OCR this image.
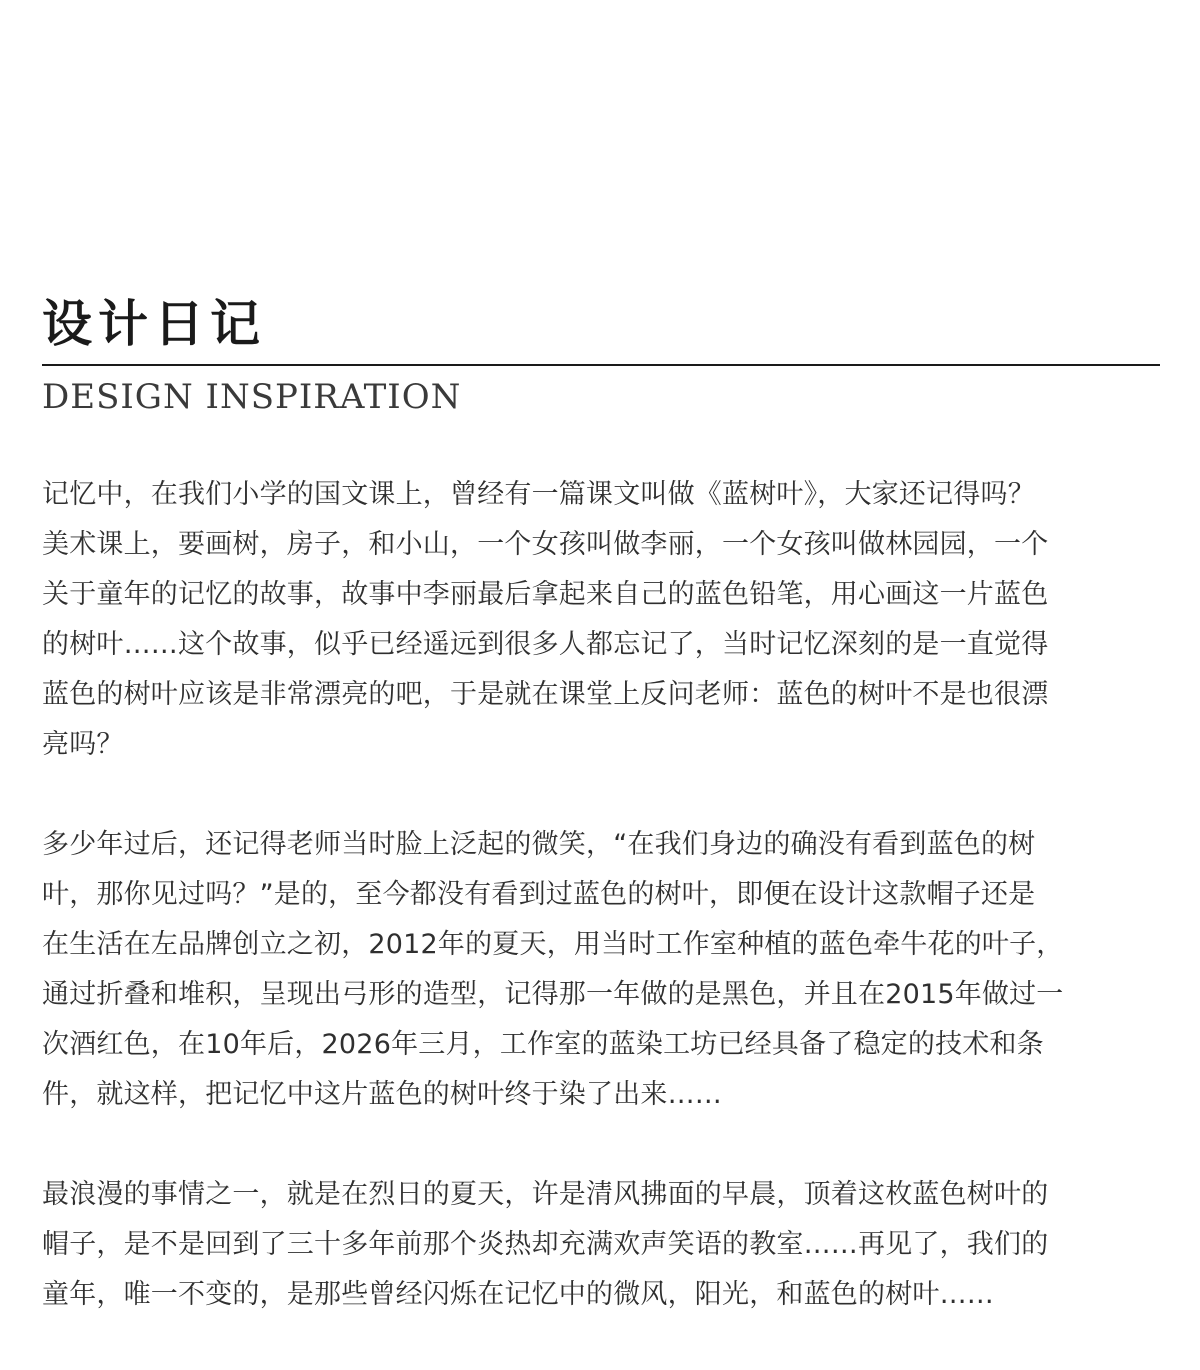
设计日记
DESIGN INSPIRATION

记忆中，在我们小学的国文课上，曾经有一篇课文叫做《蓝树叶》，大家还记得吗？
美术课上，要画树，房子，和小山，一个女孩叫做李丽，一个女孩叫做林园园，一个
关于童年的记忆的故事，故事中李丽最后拿起来自己的蓝色铅笔，用心画这一片蓝色
的树叶……这个故事，似乎已经遥远到很多人都忘记了，当时记忆深刻的是一直觉得
蓝色的树叶应该是非常漂亮的吧，于是就在课堂上反问老师：蓝色的树叶不是也很漂
亮吗？

多少年过后，还记得老师当时脸上泛起的微笑，“在我们身边的确没有看到蓝色的树
叶，那你见过吗？”是的，至今都没有看到过蓝色的树叶，即便在设计这款帽子还是
在生活在左品牌创立之初，2012年的夏天，用当时工作室种植的蓝色牵牛花的叶子，
通过折叠和堆积，呈现出弓形的造型，记得那一年做的是黑色，并且在2015年做过一
次酒红色，在10年后，2026年三月，工作室的蓝染工坊已经具备了稳定的技术和条
件，就这样，把记忆中这片蓝色的树叶终于染了出来……

最浪漫的事情之一，就是在烈日的夏天，许是清风拂面的早晨，顶着这枚蓝色树叶的
帽子，是不是回到了三十多年前那个炎热却充满欢声笑语的教室……再见了，我们的
童年，唯一不变的，是那些曾经闪烁在记忆中的微风，阳光，和蓝色的树叶……
